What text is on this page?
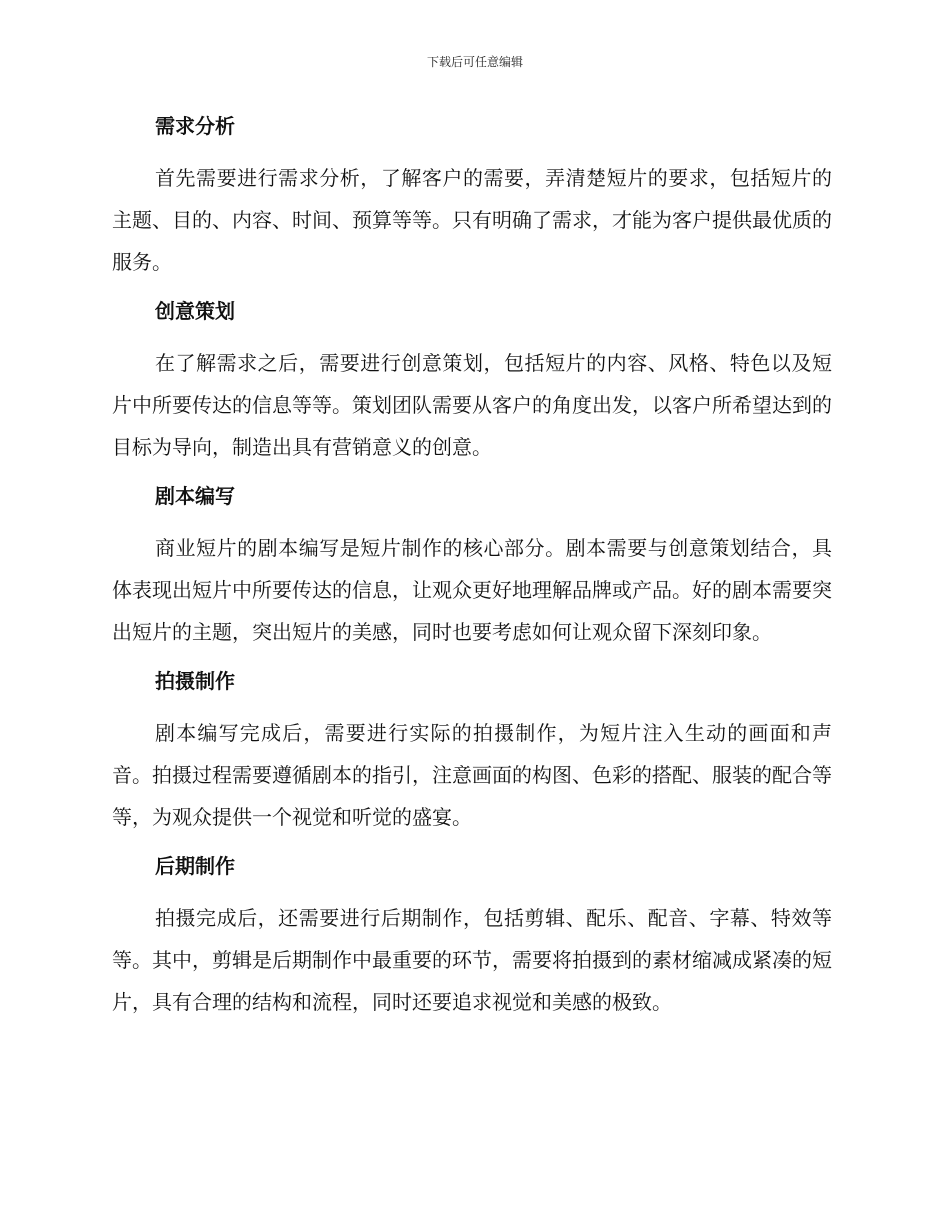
下载后可任意编辑
需求分析

首先需要进行需求分析，了解客户的需要，弄清楚短片的要求，包括短片的主题、目的、内容、时间、预算等等。只有明确了需求，才能为客户提供最优质的服务。

创意策划

在了解需求之后，需要进行创意策划，包括短片的内容、风格、特色以及短片中所要传达的信息等等。策划团队需要从客户的角度出发，以客户所希望达到的目标为导向，制造出具有营销意义的创意。

剧本编写

商业短片的剧本编写是短片制作的核心部分。剧本需要与创意策划结合，具体表现出短片中所要传达的信息，让观众更好地理解品牌或产品。好的剧本需要突出短片的主题，突出短片的美感，同时也要考虑如何让观众留下深刻印象。

拍摄制作

剧本编写完成后，需要进行实际的拍摄制作，为短片注入生动的画面和声音。拍摄过程需要遵循剧本的指引，注意画面的构图、色彩的搭配、服装的配合等等，为观众提供一个视觉和听觉的盛宴。

后期制作

拍摄完成后，还需要进行后期制作，包括剪辑、配乐、配音、字幕、特效等等。其中，剪辑是后期制作中最重要的环节，需要将拍摄到的素材缩减成紧凑的短片，具有合理的结构和流程，同时还要追求视觉和美感的极致。
